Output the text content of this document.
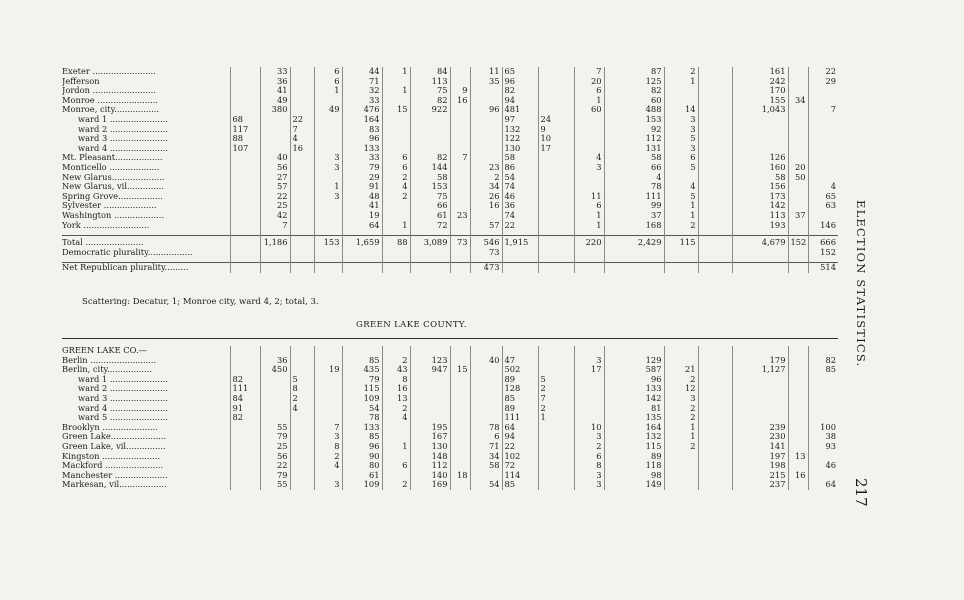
Exeter ........................		33		6	44	1	84		11	65		7	87	2		161		22
Jefferson		36		6	71		113		35	96		20	125	1		242		29
Jordon ........................		41		1	32	1	75	9		82		6	82			170		
Monroe .......................		49			33		82	16		94		1	60			155	34	
Monroe, city.................		380		49	476	15	922		96	481		60	488	14		1,043		7
ward 1 ......................	68		22		164					97	24		153	3				
ward 2 ......................	117		7		83					132	9		92	3				
ward 3 ......................	88		4		96					122	10		112	5				
ward 4 ......................	107		16		133					130	17		131	3				
Mt. Pleasant..................		40		3	33	6	82	7		58		4	58	6		126		
Monticello ...................		56		3	79	6	144		23	86		3	66	5		160	20	
New Glarus....................		27			29	2	58		2	54			4			58	50	
New Glarus, vil..............		57		1	91	4	153		34	74			78	4		156		4
Spring Grove.................		22		3	48	2	75		26	46		11	111	5		173		65
Sylvester ....................		25			41		66		16	36		6	99	1		142		63
Washington ...................		42			19		61	23		74		1	37	1		113	37	
York .........................		7			64	1	72		57	22		1	168	2		193		146

Total ......................		1,186		153	1,659	88	3,089	73	546	1,915		220	2,429	115		4,679	152	666
Democratic plurality.................									73									152

Net Republican plurality.........									473									514
Scattering: Decatur, 1; Monroe city, ward 4, 2; total, 3.
GREEN LAKE COUNTY.
GREEN LAKE CO.—																		
Berlin .........................		36			85	2	123		40	47		3	129			179		82
Berlin, city.................		450		19	435	43	947	15		502		17	587	21		1,127		85
ward 1 ......................	82		5		79	8				89	5		96	2				
ward 2 ......................	111		8		115	16				128	2		133	12				
ward 3 ......................	84		2		109	13				85	7		142	3				
ward 4 ......................	91		4		54	2				89	2		81	2				
ward 5 ......................	82				78	4				111	1		135	2				
Brooklyn .....................		55		7	133		195		78	64		10	164	1		239		100
Green Lake.....................		79		3	85		167		6	94		3	132	1		230		38
Green Lake, vil...............		25		8	96	1	130		71	22		2	115	2		141		93
Kingston ......................		56		2	90		148		34	102		6	89			197	13	
Mackford ......................		22		4	80	6	112		58	72		8	118			198		46
Manchester ....................		79			61		140	18		114		3	98			215	16	
Markesan, vil..................		55		3	109	2	169		54	85		3	149			237		64
ELECTION STATISTICS.
217
